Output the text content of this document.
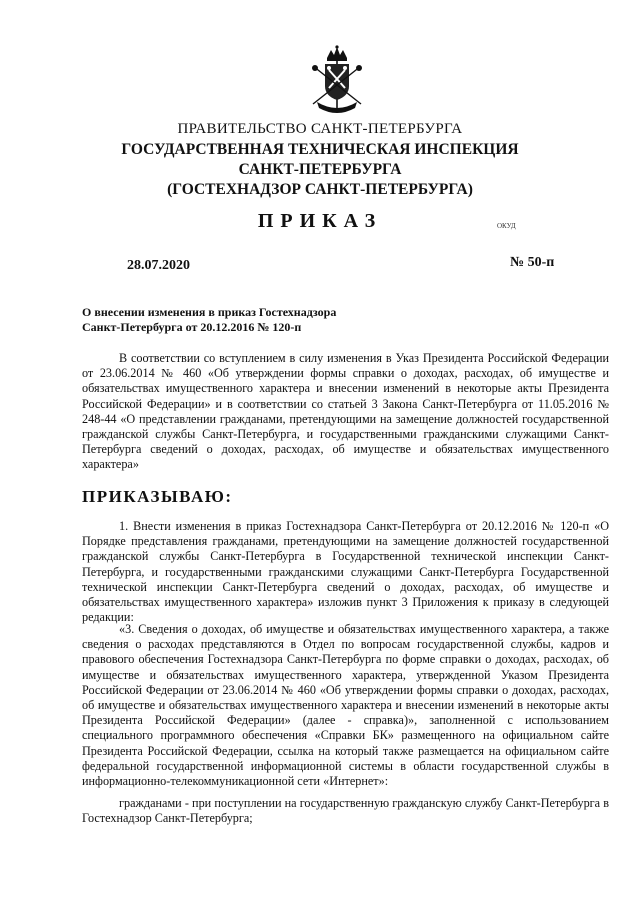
ПРАВИТЕЛЬСТВО САНКТ-ПЕТЕРБУРГА
ГОСУДАРСТВЕННАЯ ТЕХНИЧЕСКАЯ ИНСПЕКЦИЯ
САНКТ-ПЕТЕРБУРГА
(ГОСТЕХНАДЗОР САНКТ-ПЕТЕРБУРГА)
ПРИКАЗ	ОКУД
28.07.2020	№ 50-п
О внесении изменения в приказ Гостехнадзора
Санкт-Петербурга от 20.12.2016 № 120-п

В соответствии со вступлением в силу изменения в Указ Президента Российской Федерации от 23.06.2014 № 460 «Об утверждении формы справки о доходах, расходах, об имуществе и обязательствах имущественного характера и внесении изменений в некоторые акты Президента Российской Федерации» и в соответствии со статьей 3 Закона Санкт-Петербурга от 11.05.2016 № 248-44 «О представлении гражданами, претендующими на замещение должностей государственной гражданской службы Санкт-Петербурга, и государственными гражданскими служащими Санкт-Петербурга сведений о доходах, расходах, об имуществе и обязательствах имущественного характера»

ПРИКАЗЫВАЮ:

1. Внести изменения в приказ Гостехнадзора Санкт-Петербурга от 20.12.2016 № 120-п «О Порядке представления гражданами, претендующими на замещение должностей государственной гражданской службы Санкт-Петербурга в Государственной технической инспекции Санкт-Петербурга, и государственными гражданскими служащими Санкт-Петербурга Государственной технической инспекции Санкт-Петербурга сведений о доходах, расходах, об имуществе и обязательствах имущественного характера» изложив пункт 3 Приложения к приказу в следующей редакции:

«3. Сведения о доходах, об имуществе и обязательствах имущественного характера, а также сведения о расходах представляются в Отдел по вопросам государственной службы, кадров и правового обеспечения Гостехнадзора Санкт-Петербурга по форме справки о доходах, расходах, об имуществе и обязательствах имущественного характера, утвержденной Указом Президента Российской Федерации от 23.06.2014 № 460 «Об утверждении формы справки о доходах, расходах, об имуществе и обязательствах имущественного характера и внесении изменений в некоторые акты Президента Российской Федерации» (далее - справка)», заполненной с использованием специального программного обеспечения «Справки БК» размещенного на официальном сайте Президента Российской Федерации, ссылка на который также размещается на официальном сайте федеральной государственной информационной системы в области государственной службы в информационно-телекоммуникационной сети «Интернет»:

гражданами - при поступлении на государственную гражданскую службу Санкт-Петербурга в Гостехнадзор Санкт-Петербурга;
